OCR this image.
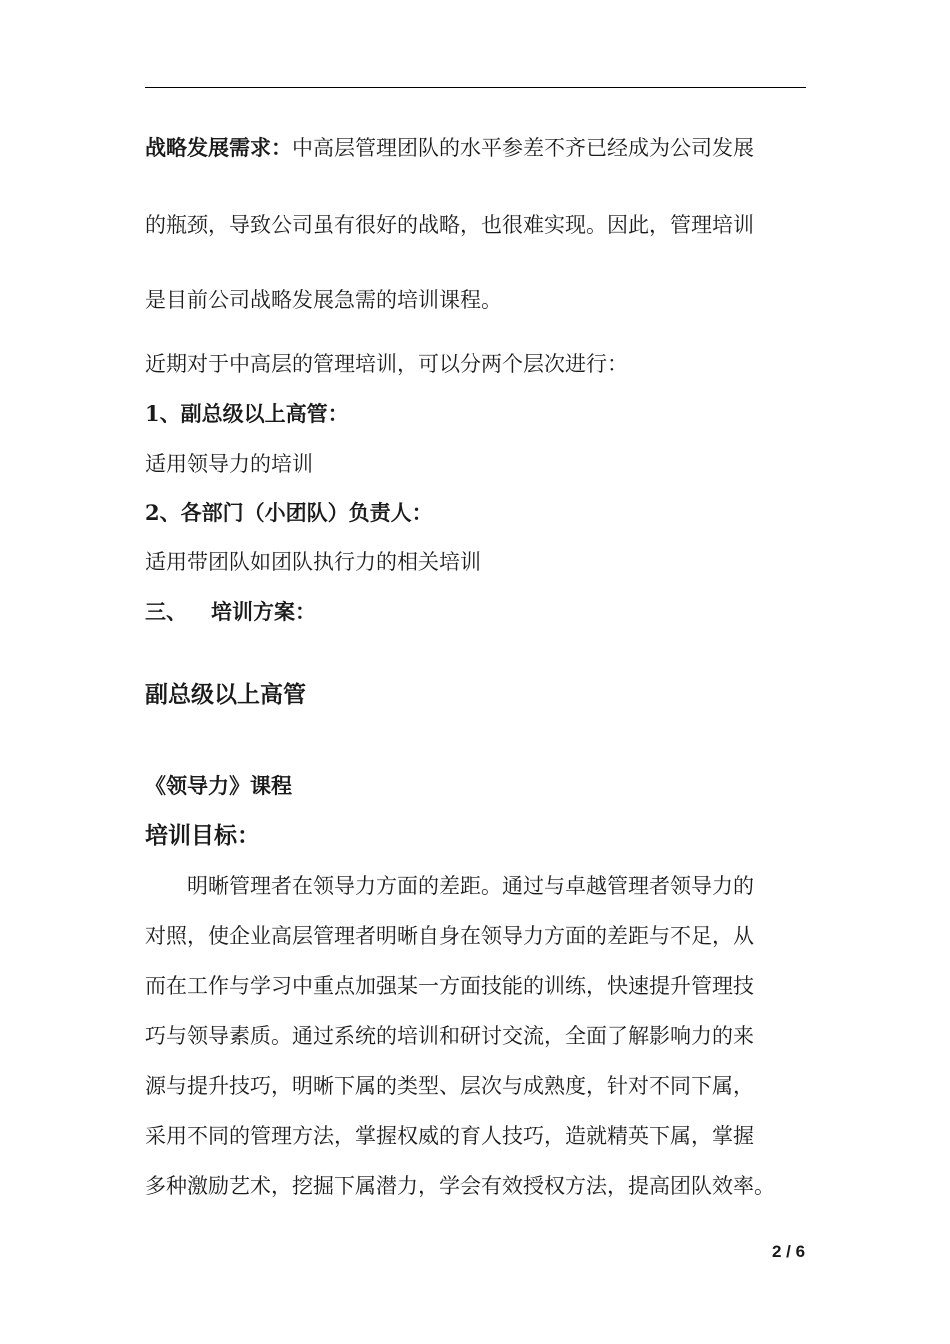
战略发展需求：中高层管理团队的水平参差不齐已经成为公司发展
的瓶颈，导致公司虽有很好的战略，也很难实现。因此，管理培训
是目前公司战略发展急需的培训课程。
近期对于中高层的管理培训，可以分两个层次进行：
1、副总级以上高管：
适用领导力的培训
2、各部门（小团队）负责人：
适用带团队如团队执行力的相关培训
三、 培训方案：
副总级以上高管
《领导力》课程
培训目标：
明晰管理者在领导力方面的差距。通过与卓越管理者领导力的
对照，使企业高层管理者明晰自身在领导力方面的差距与不足，从
而在工作与学习中重点加强某一方面技能的训练，快速提升管理技
巧与领导素质。通过系统的培训和研讨交流，全面了解影响力的来
源与提升技巧，明晰下属的类型、层次与成熟度，针对不同下属，
采用不同的管理方法，掌握权威的育人技巧，造就精英下属，掌握
多种激励艺术，挖掘下属潜力，学会有效授权方法，提高团队效率。
2 / 6
